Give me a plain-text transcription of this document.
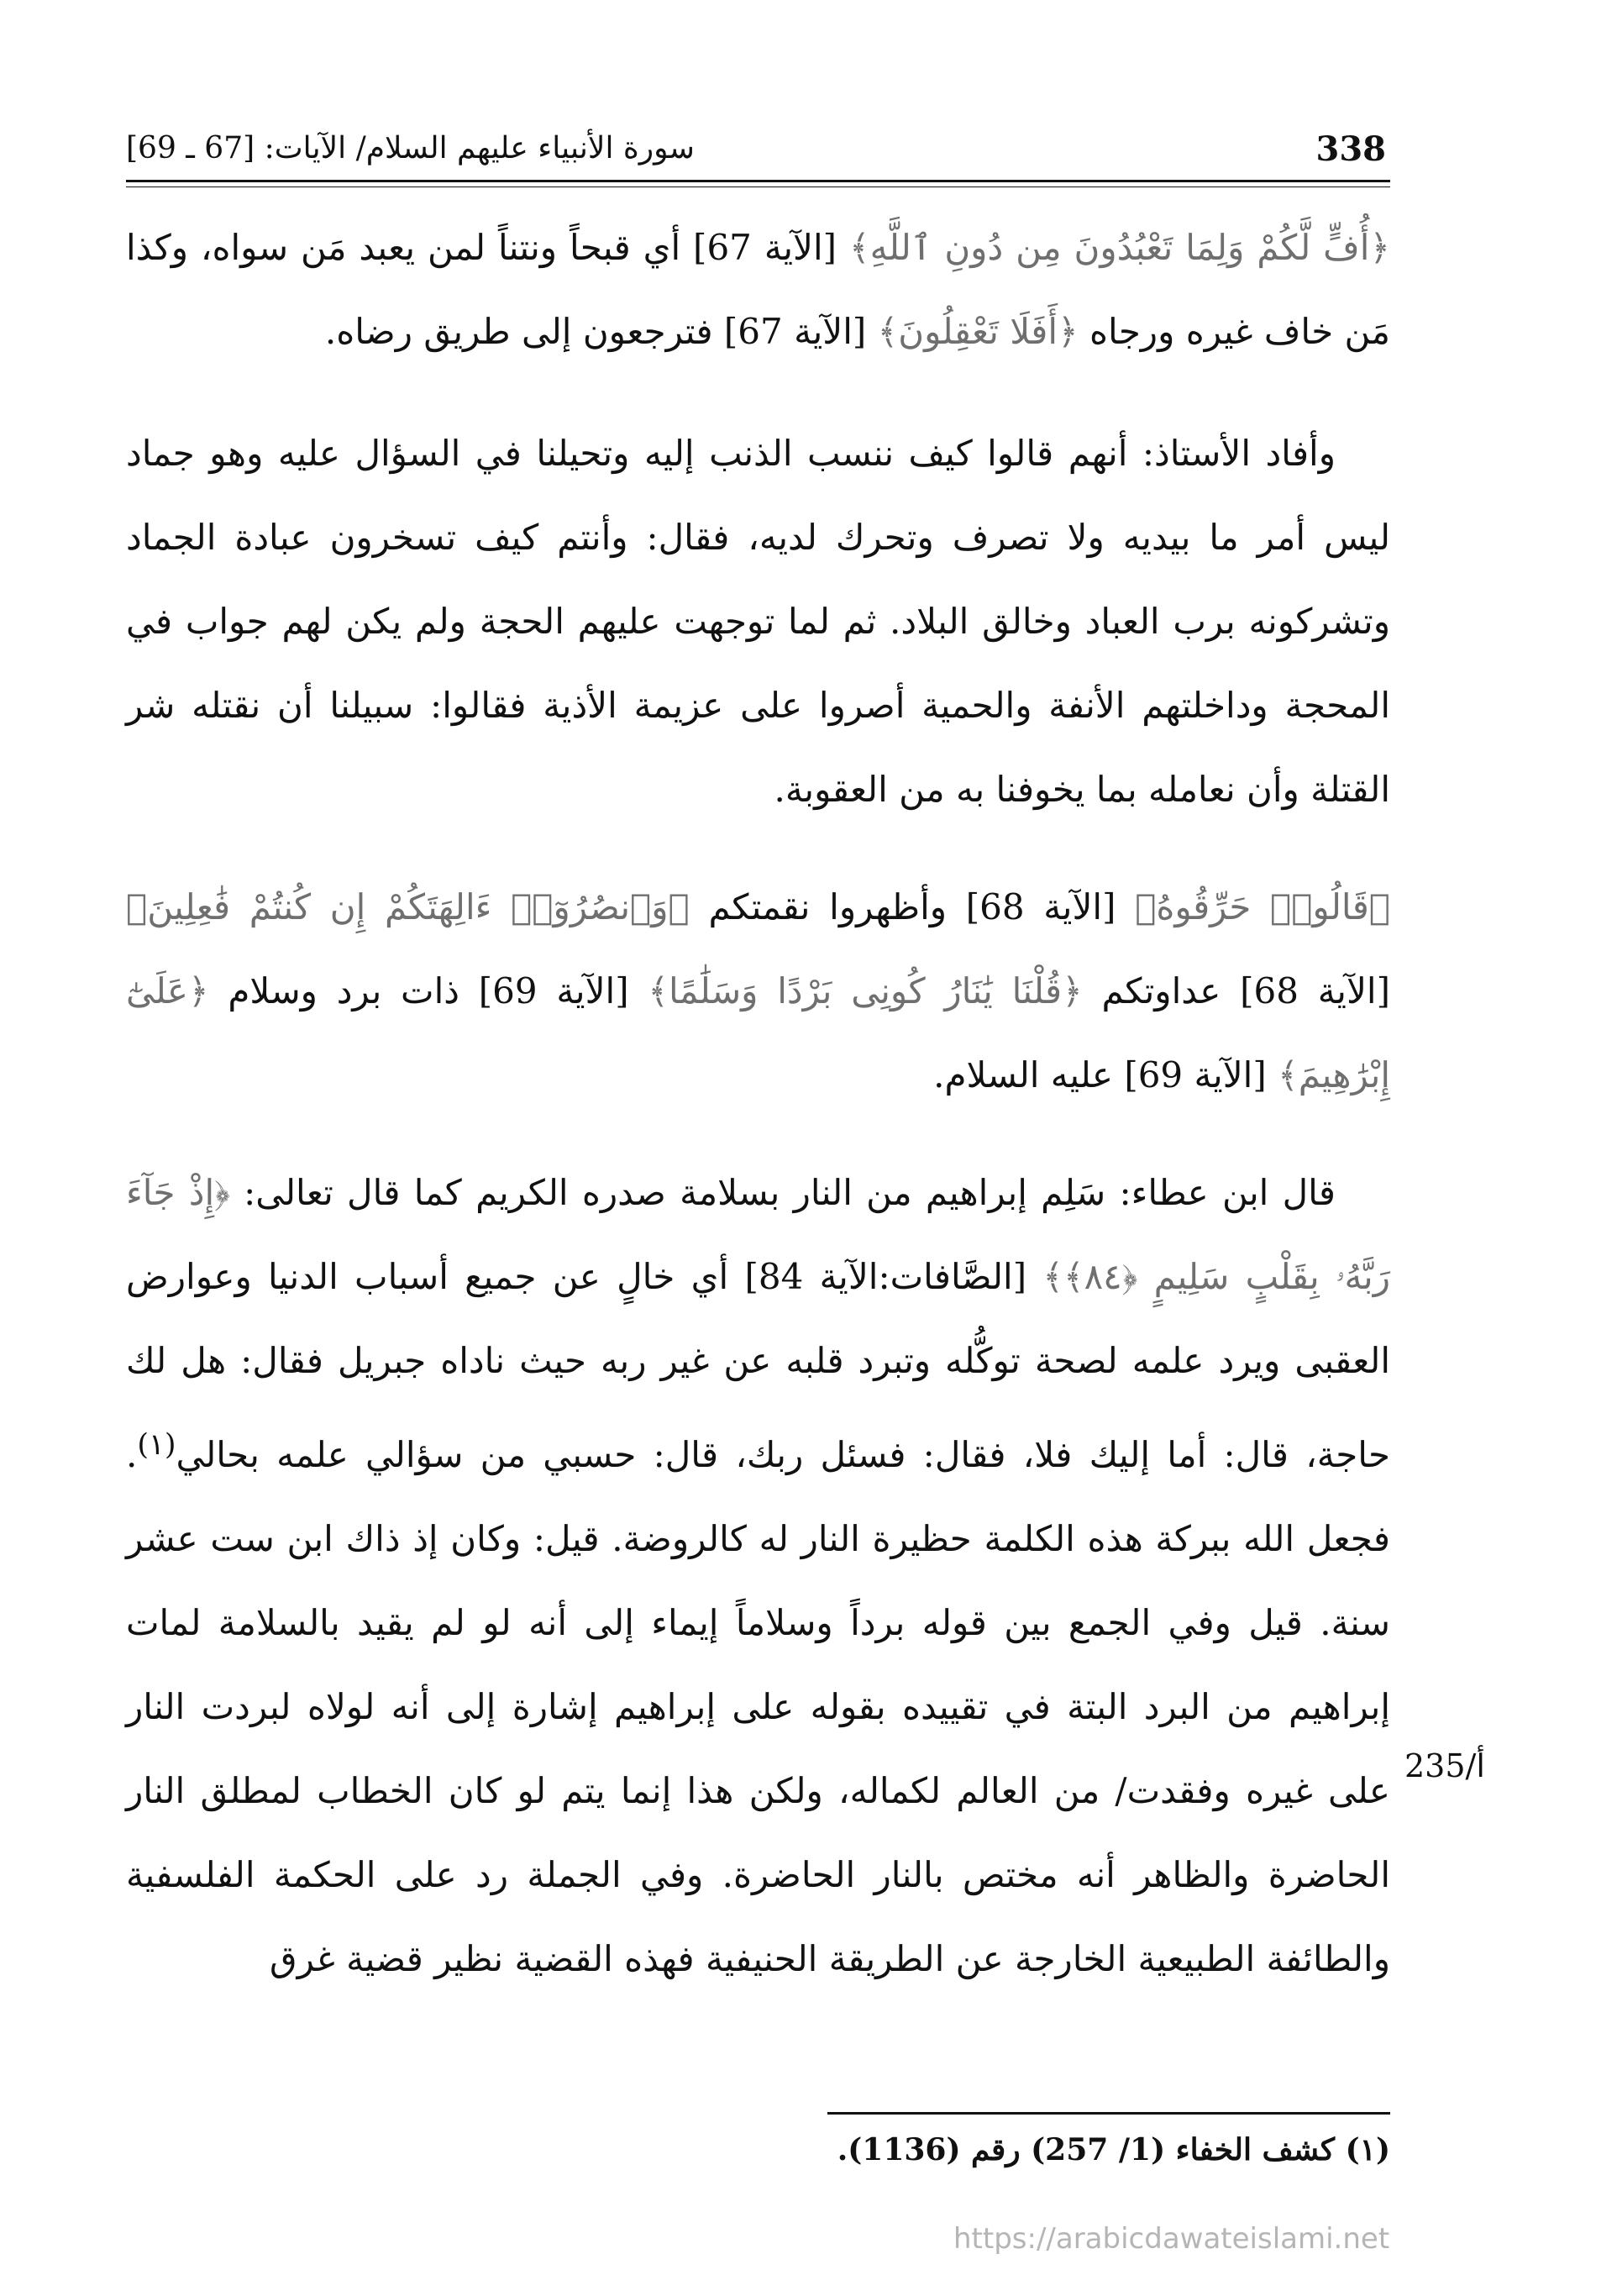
338
سورة الأنبياء عليهم السلام/ الآيات: [67 ـ 69]

﴿أُفٍّ لَّكُمْ وَلِمَا تَعْبُدُونَ مِن دُونِ ٱللَّهِ﴾ [الآية 67] أي قبحاً ونتناً لمن يعبد مَن سواه، وكذا مَن خاف غيره ورجاه ﴿أَفَلَا تَعْقِلُونَ﴾ [الآية 67] فترجعون إلى طريق رضاه.

وأفاد الأستاذ: أنهم قالوا كيف ننسب الذنب إليه وتحيلنا في السؤال عليه وهو جماد ليس أمر ما بيديه ولا تصرف وتحرك لديه، فقال: وأنتم كيف تسخرون عبادة الجماد وتشركونه برب العباد وخالق البلاد. ثم لما توجهت عليهم الحجة ولم يكن لهم جواب في المحجة وداخلتهم الأنفة والحمية أصروا على عزيمة الأذية فقالوا: سبيلنا أن نقتله شر القتلة وأن نعامله بما يخوفنا به من العقوبة.

﴿قَالُوا۟ حَرِّقُوهُ﴾ [الآية 68] وأظهروا نقمتكم ﴿وَٱنصُرُوٓا۟ ءَالِهَتَكُمْ إِن كُنتُمْ فَٰعِلِينَ﴾ [الآية 68] عداوتكم ﴿قُلْنَا يَٰنَارُ كُونِى بَرْدًا وَسَلَٰمًا﴾ [الآية 69] ذات برد وسلام ﴿عَلَىٰٓ إِبْرَٰهِيمَ﴾ [الآية 69] عليه السلام.

قال ابن عطاء: سَلِم إبراهيم من النار بسلامة صدره الكريم كما قال تعالى: ﴿إِذْ جَآءَ رَبَّهُۥ بِقَلْبٍ سَلِيمٍ ﴿٨٤﴾﴾ [الصَّافات:الآية 84] أي خالٍ عن جميع أسباب الدنيا وعوارض العقبى ويرد علمه لصحة توكُّله وتبرد قلبه عن غير ربه حيث ناداه جبريل فقال: هل لك حاجة، قال: أما إليك فلا، فقال: فسئل ربك، قال: حسبي من سؤالي علمه بحالي$^{(١)}$. فجعل الله ببركة هذه الكلمة حظيرة النار له كالروضة. قيل: وكان إذ ذاك ابن ست عشر سنة. قيل وفي الجمع بين قوله برداً وسلاماً إيماء إلى أنه لو لم يقيد بالسلامة لمات إبراهيم من البرد البتة في تقييده بقوله على إبراهيم إشارة إلى أنه لولاه لبردت النار على غيره وفقدت/ من العالم لكماله، ولكن هذا إنما يتم لو كان الخطاب لمطلق النار الحاضرة والظاهر أنه مختص بالنار الحاضرة. وفي الجملة رد على الحكمة الفلسفية والطائفة الطبيعية الخارجة عن الطريقة الحنيفية فهذه القضية نظير قضية غرق

235/أ
(١) كشف الخفاء (1/ 257) رقم (1136).
https://arabicdawateislami.net
